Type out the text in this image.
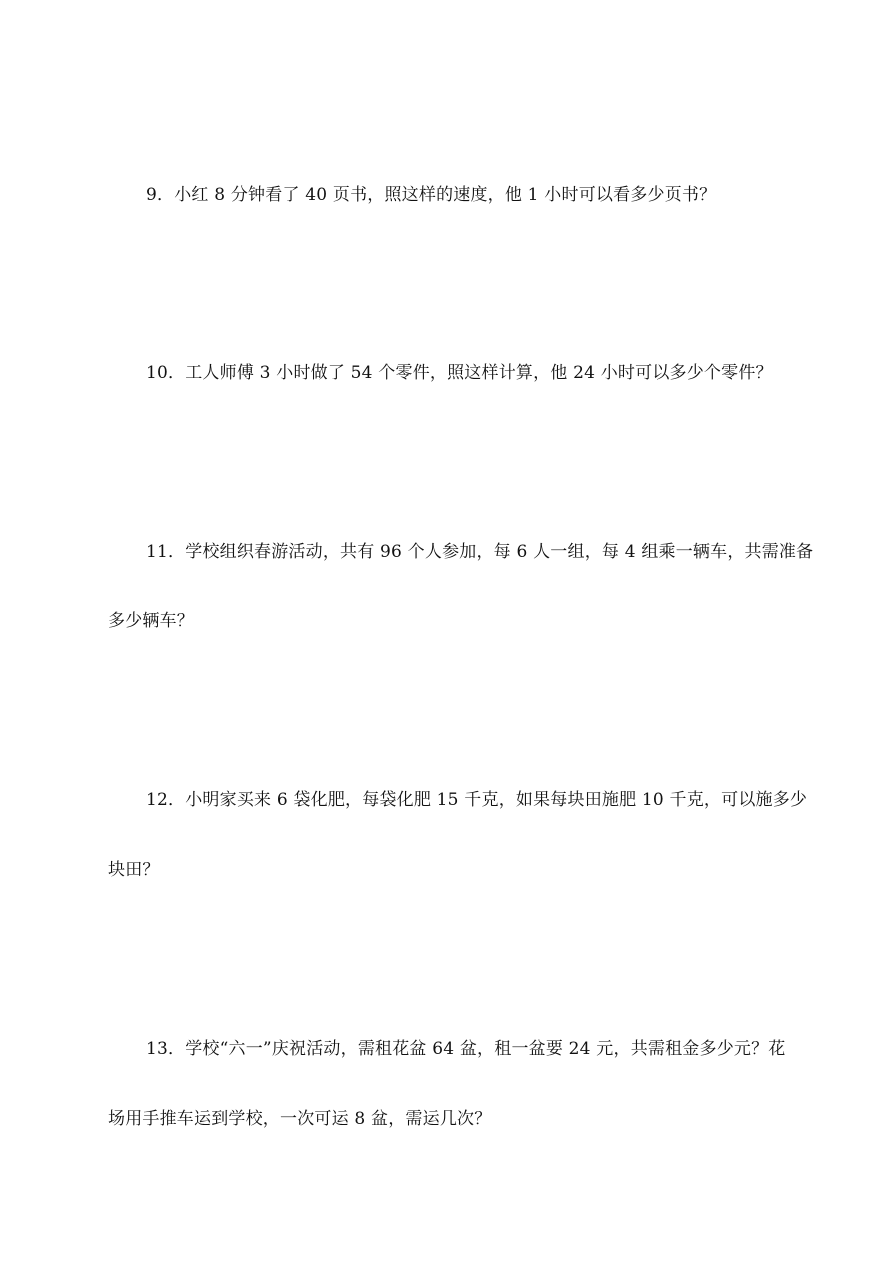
9．小红 8 分钟看了 40 页书，照这样的速度，他 1 小时可以看多少页书？
10．工人师傅 3 小时做了 54 个零件，照这样计算，他 24 小时可以多少个零件？
11．学校组织春游活动，共有 96 个人参加，每 6 人一组，每 4 组乘一辆车，共需准备
多少辆车？
12．小明家买来 6 袋化肥，每袋化肥 15 千克，如果每块田施肥 10 千克，可以施多少
块田？
13．学校“六一”庆祝活动，需租花盆 64 盆，租一盆要 24 元，共需租金多少元？花
场用手推车运到学校，一次可运 8 盆，需运几次？
